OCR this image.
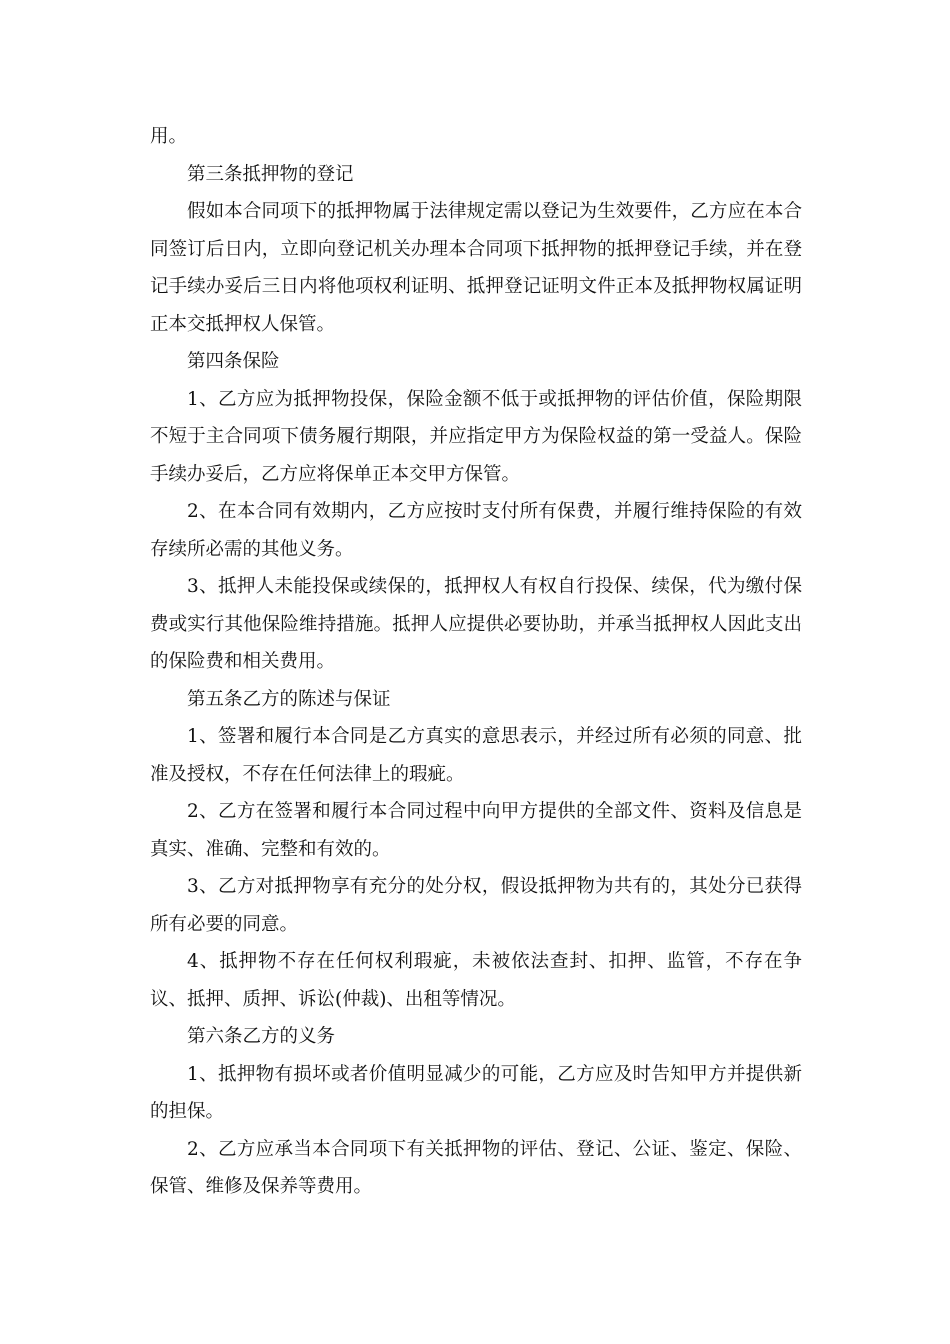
用。

第三条抵押物的登记

假如本合同项下的抵押物属于法律规定需以登记为生效要件，乙方应在本合同签订后日内，立即向登记机关办理本合同项下抵押物的抵押登记手续，并在登记手续办妥后三日内将他项权利证明、抵押登记证明文件正本及抵押物权属证明正本交抵押权人保管。

第四条保险

1、乙方应为抵押物投保，保险金额不低于或抵押物的评估价值，保险期限不短于主合同项下债务履行期限，并应指定甲方为保险权益的第一受益人。保险手续办妥后，乙方应将保单正本交甲方保管。

2、在本合同有效期内，乙方应按时支付所有保费，并履行维持保险的有效存续所必需的其他义务。

3、抵押人未能投保或续保的，抵押权人有权自行投保、续保，代为缴付保费或实行其他保险维持措施。抵押人应提供必要协助，并承当抵押权人因此支出的保险费和相关费用。

第五条乙方的陈述与保证

1、签署和履行本合同是乙方真实的意思表示，并经过所有必须的同意、批准及授权，不存在任何法律上的瑕疵。

2、乙方在签署和履行本合同过程中向甲方提供的全部文件、资料及信息是真实、准确、完整和有效的。

3、乙方对抵押物享有充分的处分权，假设抵押物为共有的，其处分已获得所有必要的同意。

4、抵押物不存在任何权利瑕疵，未被依法查封、扣押、监管，不存在争议、抵押、质押、诉讼(仲裁)、出租等情况。

第六条乙方的义务

1、抵押物有损坏或者价值明显减少的可能，乙方应及时告知甲方并提供新的担保。

2、乙方应承当本合同项下有关抵押物的评估、登记、公证、鉴定、保险、保管、维修及保养等费用。
